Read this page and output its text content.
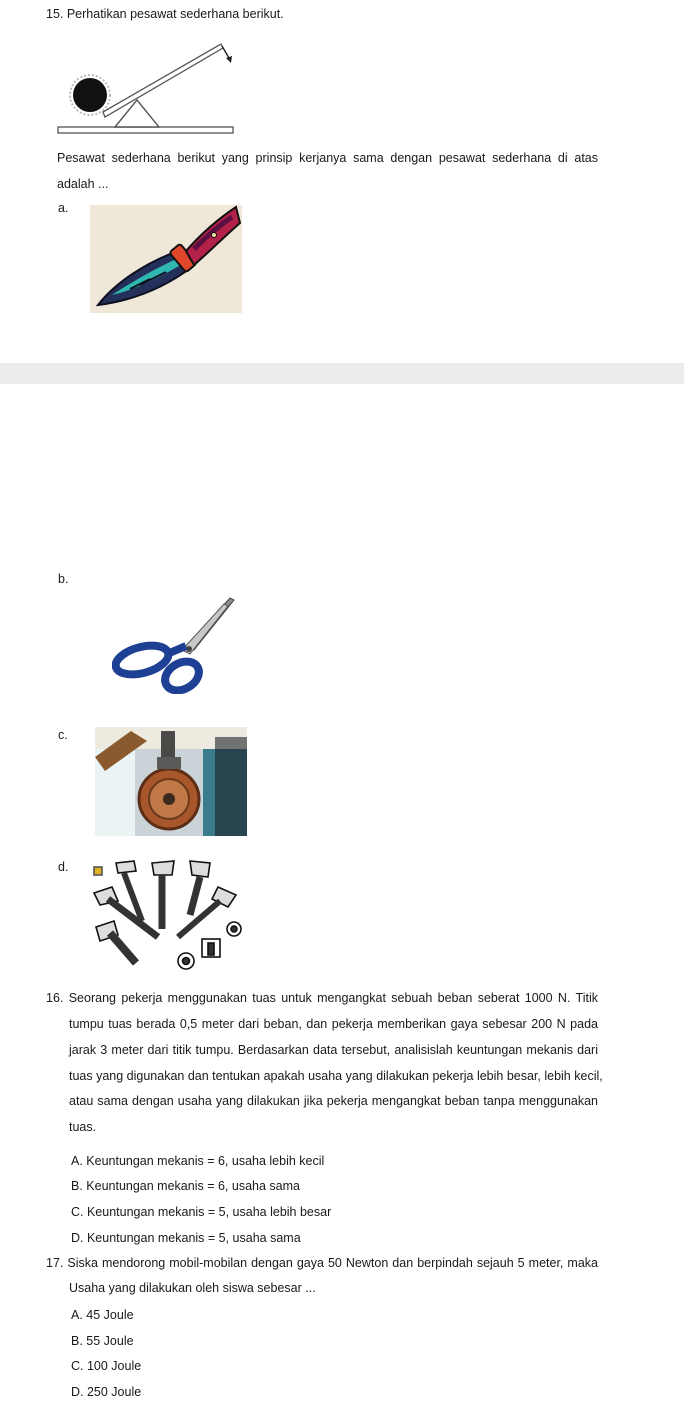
15. Perhatikan pesawat sederhana berikut.
Pesawat sederhana berikut yang prinsip kerjanya sama dengan pesawat sederhana di atas
adalah ...
a.
b.
c.
d.
16. Seorang pekerja menggunakan tuas untuk mengangkat sebuah beban seberat 1000 N. Titik
tumpu tuas berada 0,5 meter dari beban, dan pekerja memberikan gaya sebesar 200 N pada
jarak 3 meter dari titik tumpu. Berdasarkan data tersebut, analisislah keuntungan mekanis dari
tuas yang digunakan dan tentukan apakah usaha yang dilakukan pekerja lebih besar, lebih kecil,
atau sama dengan usaha yang dilakukan jika pekerja mengangkat beban tanpa menggunakan
tuas.
A. Keuntungan mekanis = 6, usaha lebih kecil
B. Keuntungan mekanis = 6, usaha sama
C. Keuntungan mekanis = 5, usaha lebih besar
D. Keuntungan mekanis = 5, usaha sama
17. Siska mendorong mobil-mobilan dengan gaya 50 Newton dan berpindah sejauh 5 meter, maka
Usaha yang dilakukan oleh siswa sebesar ...
A. 45 Joule
B. 55 Joule
C. 100 Joule
D. 250 Joule
